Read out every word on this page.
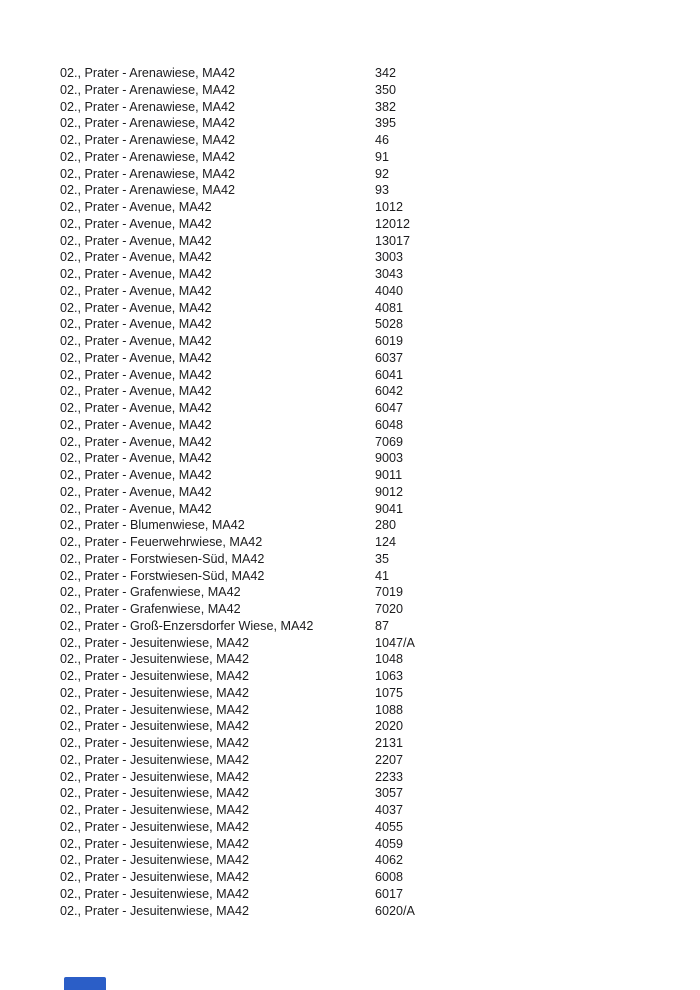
02., Prater - Arenawiese, MA42	342
02., Prater - Arenawiese, MA42	350
02., Prater - Arenawiese, MA42	382
02., Prater - Arenawiese, MA42	395
02., Prater - Arenawiese, MA42	46
02., Prater - Arenawiese, MA42	91
02., Prater - Arenawiese, MA42	92
02., Prater - Arenawiese, MA42	93
02., Prater - Avenue, MA42	1012
02., Prater - Avenue, MA42	12012
02., Prater - Avenue, MA42	13017
02., Prater - Avenue, MA42	3003
02., Prater - Avenue, MA42	3043
02., Prater - Avenue, MA42	4040
02., Prater - Avenue, MA42	4081
02., Prater - Avenue, MA42	5028
02., Prater - Avenue, MA42	6019
02., Prater - Avenue, MA42	6037
02., Prater - Avenue, MA42	6041
02., Prater - Avenue, MA42	6042
02., Prater - Avenue, MA42	6047
02., Prater - Avenue, MA42	6048
02., Prater - Avenue, MA42	7069
02., Prater - Avenue, MA42	9003
02., Prater - Avenue, MA42	9011
02., Prater - Avenue, MA42	9012
02., Prater - Avenue, MA42	9041
02., Prater - Blumenwiese, MA42	280
02., Prater - Feuerwehrwiese, MA42	124
02., Prater - Forstwiesen-Süd, MA42	35
02., Prater - Forstwiesen-Süd, MA42	41
02., Prater - Grafenwiese, MA42	7019
02., Prater - Grafenwiese, MA42	7020
02., Prater - Groß-Enzersdorfer Wiese, MA42	87
02., Prater - Jesuitenwiese, MA42	1047/A
02., Prater - Jesuitenwiese, MA42	1048
02., Prater - Jesuitenwiese, MA42	1063
02., Prater - Jesuitenwiese, MA42	1075
02., Prater - Jesuitenwiese, MA42	1088
02., Prater - Jesuitenwiese, MA42	2020
02., Prater - Jesuitenwiese, MA42	2131
02., Prater - Jesuitenwiese, MA42	2207
02., Prater - Jesuitenwiese, MA42	2233
02., Prater - Jesuitenwiese, MA42	3057
02., Prater - Jesuitenwiese, MA42	4037
02., Prater - Jesuitenwiese, MA42	4055
02., Prater - Jesuitenwiese, MA42	4059
02., Prater - Jesuitenwiese, MA42	4062
02., Prater - Jesuitenwiese, MA42	6008
02., Prater - Jesuitenwiese, MA42	6017
02., Prater - Jesuitenwiese, MA42	6020/A
